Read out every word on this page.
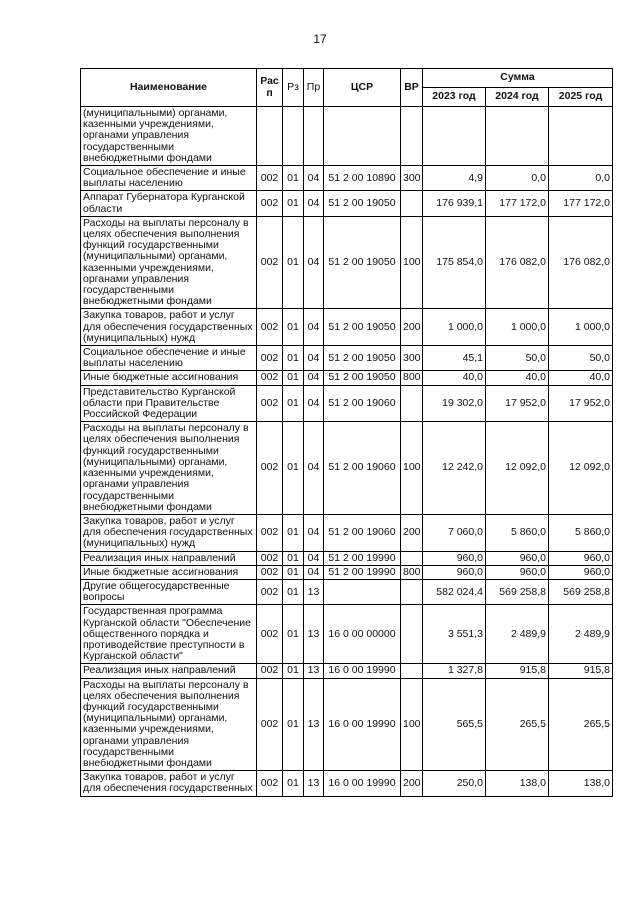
17
Наименование	Рас п	Рз	Пр	ЦСР	ВР	Сумма		
						2023 год	2024 год	2025 год
(муниципальными) органами, казенными учреждениями, органами управления государственными внебюджетными фондами								
Социальное обеспечение и иные выплаты населению	002	01	04	51 2 00 10890	300	4,9	0,0	0,0
Аппарат Губернатора Курганской области	002	01	04	51 2 00 19050		176 939,1	177 172,0	177 172,0
Расходы на выплаты персоналу в целях обеспечения выполнения функций государственными (муниципальными) органами, казенными учреждениями, органами управления государственными внебюджетными фондами	002	01	04	51 2 00 19050	100	175 854,0	176 082,0	176 082,0
Закупка товаров, работ и услуг для обеспечения государственных (муниципальных) нужд	002	01	04	51 2 00 19050	200	1 000,0	1 000,0	1 000,0
Социальное обеспечение и иные выплаты населению	002	01	04	51 2 00 19050	300	45,1	50,0	50,0
Иные бюджетные ассигнования	002	01	04	51 2 00 19050	800	40,0	40,0	40,0
Представительство Курганской области при Правительстве Российской Федерации	002	01	04	51 2 00 19060		19 302,0	17 952,0	17 952,0
Расходы на выплаты персоналу в целях обеспечения выполнения функций государственными (муниципальными) органами, казенными учреждениями, органами управления государственными внебюджетными фондами	002	01	04	51 2 00 19060	100	12 242,0	12 092,0	12 092,0
Закупка товаров, работ и услуг для обеспечения государственных (муниципальных) нужд	002	01	04	51 2 00 19060	200	7 060,0	5 860,0	5 860,0
Реализация иных направлений	002	01	04	51 2 00 19990		960,0	960,0	960,0
Иные бюджетные ассигнования	002	01	04	51 2 00 19990	800	960,0	960,0	960,0
Другие общегосударственные вопросы	002	01	13			582 024,4	569 258,8	569 258,8
Государственная программа Курганской области "Обеспечение общественного порядка и противодействие преступности в Курганской области"	002	01	13	16 0 00 00000		3 551,3	2 489,9	2 489,9
Реализация иных направлений	002	01	13	16 0 00 19990		1 327,8	915,8	915,8
Расходы на выплаты персоналу в целях обеспечения выполнения функций государственными (муниципальными) органами, казенными учреждениями, органами управления государственными внебюджетными фондами	002	01	13	16 0 00 19990	100	565,5	265,5	265,5
Закупка товаров, работ и услуг для обеспечения государственных	002	01	13	16 0 00 19990	200	250,0	138,0	138,0
